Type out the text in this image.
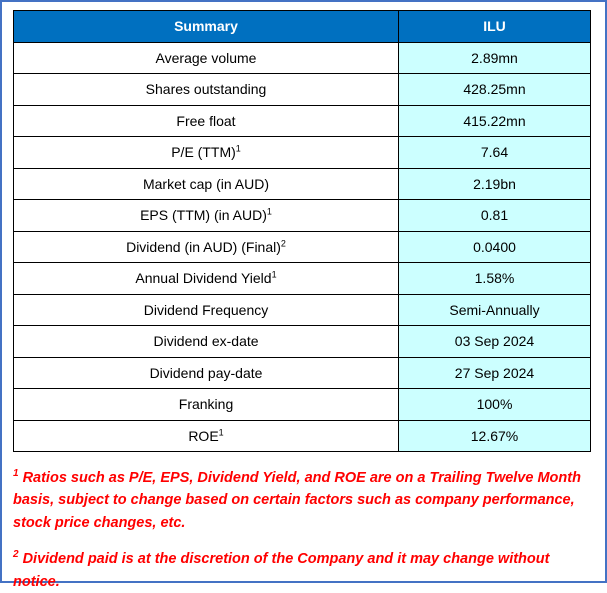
Summary	ILU
Average volume	2.89mn
Shares outstanding	428.25mn
Free float	415.22mn
P/E (TTM)$^1$	7.64
Market cap (in AUD)	2.19bn
EPS (TTM) (in AUD)$^1$	0.81
Dividend (in AUD) (Final)$^2$	0.0400
Annual Dividend Yield$^1$	1.58%
Dividend Frequency	Semi-Annually
Dividend ex-date	03 Sep 2024
Dividend pay-date	27 Sep 2024
Franking	100%
ROE$^1$	12.67%

$^1$ Ratios such as P/E, EPS, Dividend Yield, and ROE are on a Trailing Twelve Month basis, subject to change based on certain factors such as company performance, stock price changes, etc.

$^2$ Dividend paid is at the discretion of the Company and it may change without notice.
